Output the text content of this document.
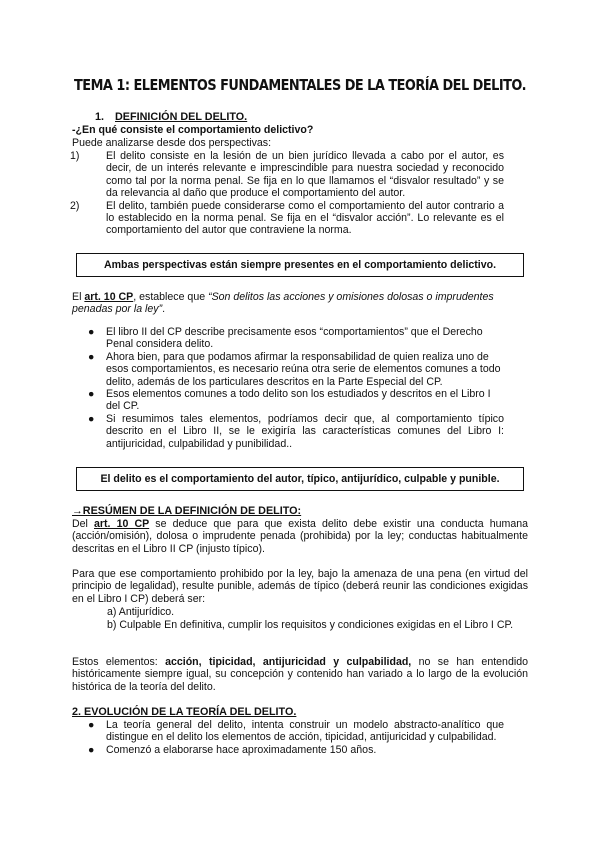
TEMA 1: ELEMENTOS FUNDAMENTALES DE LA TEORÍA DEL DELITO.
1. DEFINICIÓN DEL DELITO.
-¿En qué consiste el comportamiento delictivo?
Puede analizarse desde dos perspectivas:
1)	El delito consiste en la lesión de un bien jurídico llevada a cabo por el autor, es decir, de un interés relevante e imprescindible para nuestra sociedad y reconocido como tal por la norma penal. Se fija en lo que llamamos el “disvalor resultado” y se da relevancia al daño que produce el comportamiento del autor.
2)	El delito, también puede considerarse como el comportamiento del autor contrario a lo establecido en la norma penal. Se fija en el “disvalor acción”. Lo relevante es el comportamiento del autor que contraviene la norma.
Ambas perspectivas están siempre presentes en el comportamiento delictivo.
El art. 10 CP, establece que “Son delitos las acciones y omisiones dolosas o imprudentes penadas por la ley”.
● El libro II del CP describe precisamente esos “comportamientos” que el Derecho Penal considera delito.
● Ahora bien, para que podamos afirmar la responsabilidad de quien realiza uno de esos comportamientos, es necesario reúna otra serie de elementos comunes a todo delito, además de los particulares descritos en la Parte Especial del CP.
● Esos elementos comunes a todo delito son los estudiados y descritos en el Libro I del CP.
● Si resumimos tales elementos, podríamos decir que, al comportamiento típico descrito en el Libro II, se le exigiría las características comunes del Libro I: antijuricidad, culpabilidad y punibilidad..
El delito es el comportamiento del autor, típico, antijurídico, culpable y punible.
→RESÚMEN DE LA DEFINICIÓN DE DELITO:
Del art. 10 CP se deduce que para que exista delito debe existir una conducta humana (acción/omisión), dolosa o imprudente penada (prohibida) por la ley; conductas habitualmente descritas en el Libro II CP (injusto típico).
Para que ese comportamiento prohibido por la ley, bajo la amenaza de una pena (en virtud del principio de legalidad), resulte punible, además de típico (deberá reunir las condiciones exigidas en el Libro I CP) deberá ser:
a) Antijurídico.
b) Culpable En definitiva, cumplir los requisitos y condiciones exigidas en el Libro I CP.
Estos elementos: acción, tipicidad, antijuricidad y culpabilidad, no se han entendido históricamente siempre igual, su concepción y contenido han variado a lo largo de la evolución histórica de la teoría del delito.
2. EVOLUCIÓN DE LA TEORÍA DEL DELITO.
● La teoría general del delito, intenta construir un modelo abstracto-analítico que distingue en el delito los elementos de acción, tipicidad, antijuricidad y culpabilidad.
● Comenzó a elaborarse hace aproximadamente 150 años.
